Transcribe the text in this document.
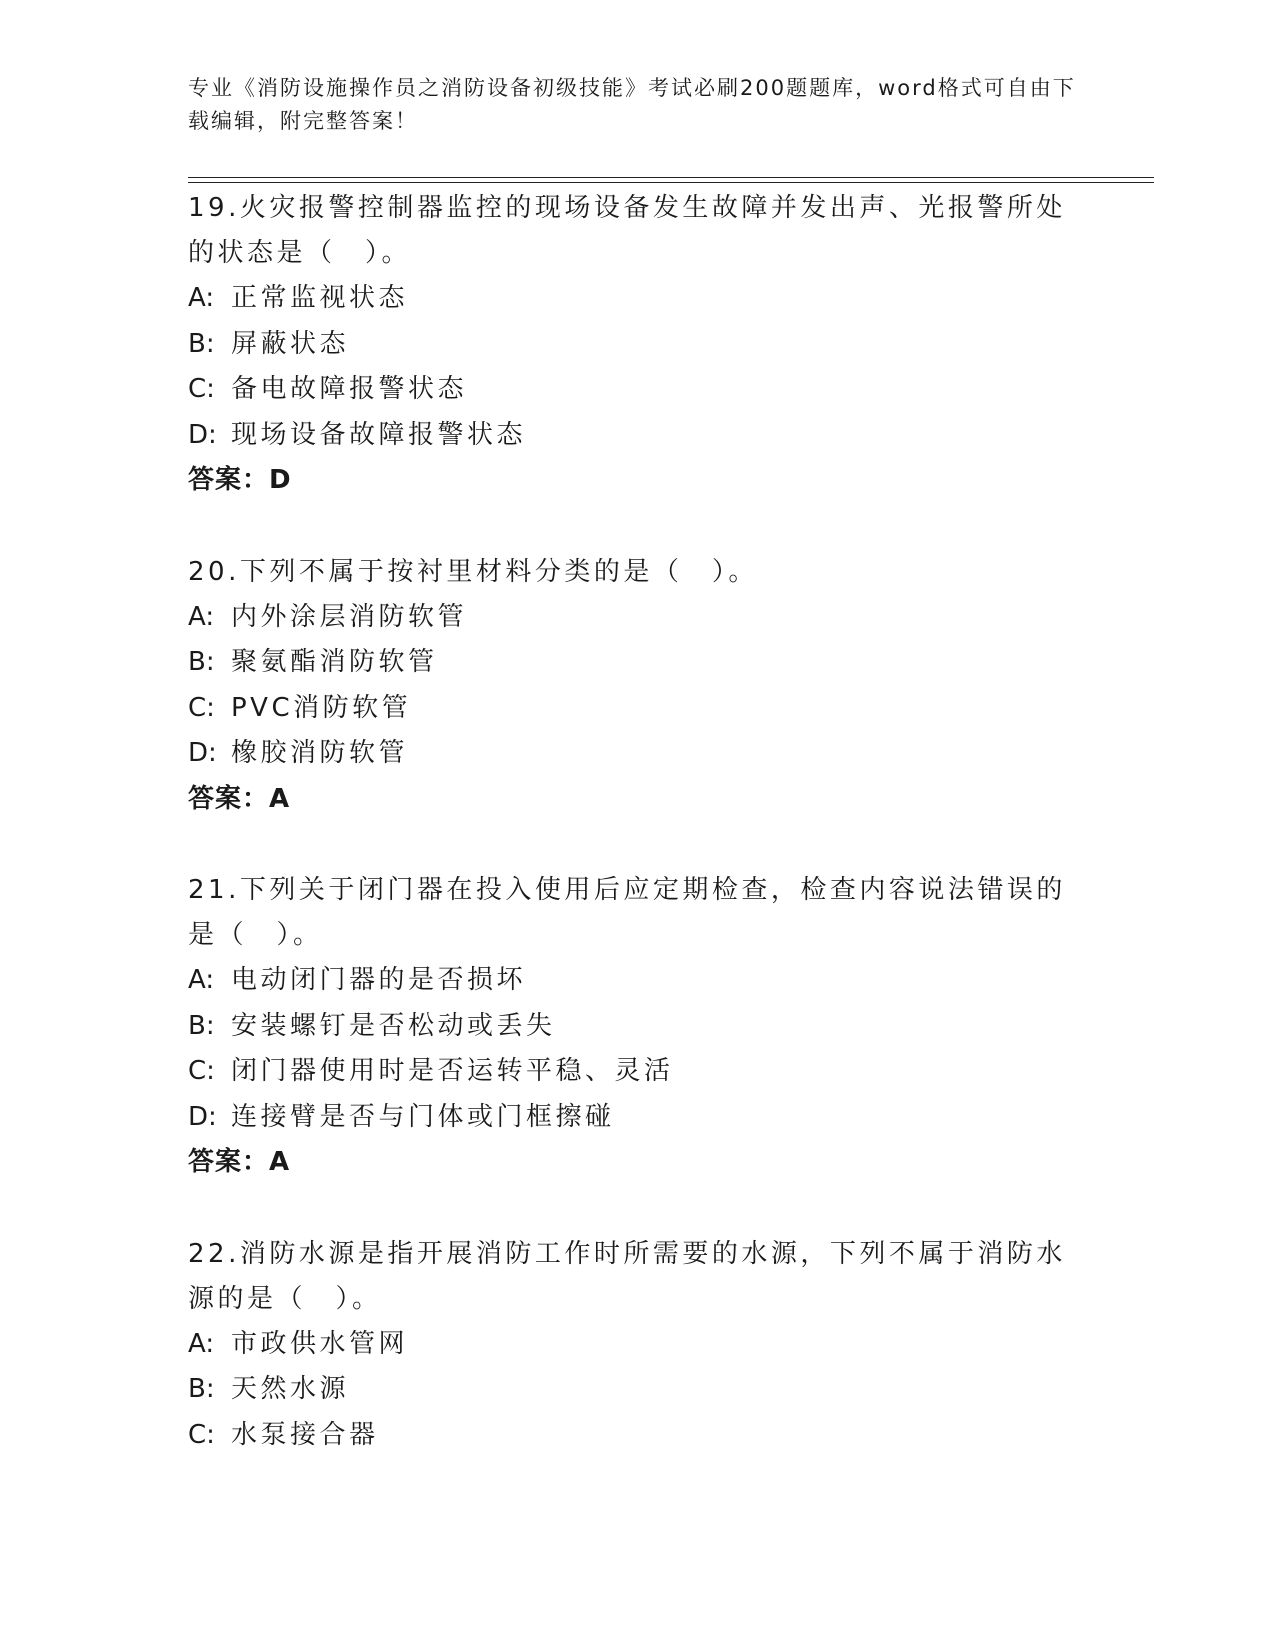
专业《消防设施操作员之消防设备初级技能》考试必刷200题题库，word格式可自由下载编辑，附完整答案！

19.火灾报警控制器监控的现场设备发生故障并发出声、光报警所处的状态是（　）。

A: 正常监视状态
B: 屏蔽状态
C: 备电故障报警状态
D: 现场设备故障报警状态
答案：D

20.下列不属于按衬里材料分类的是（　）。

A: 内外涂层消防软管
B: 聚氨酯消防软管
C: PVC消防软管
D: 橡胶消防软管
答案：A

21.下列关于闭门器在投入使用后应定期检查，检查内容说法错误的是（　）。

A: 电动闭门器的是否损坏
B: 安装螺钉是否松动或丢失
C: 闭门器使用时是否运转平稳、灵活
D: 连接臂是否与门体或门框擦碰
答案：A

22.消防水源是指开展消防工作时所需要的水源，下列不属于消防水源的是（　）。

A: 市政供水管网
B: 天然水源
C: 水泵接合器
